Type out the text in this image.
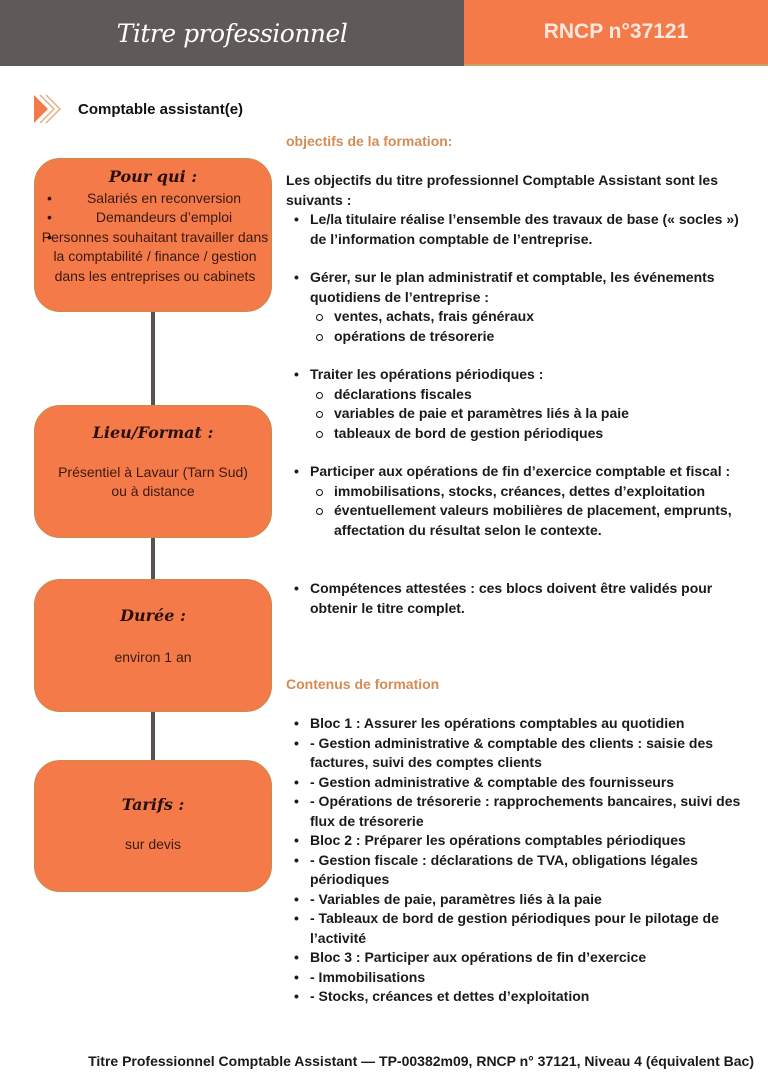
Titre professionnel	RNCP n°37121
Comptable assistant(e)
Pour qui :
• Salariés en reconversion
• Demandeurs d’emploi
• Personnes souhaitant travailler dans la comptabilité / finance / gestion dans les entreprises ou cabinets
Lieu/Format :
Présentiel à Lavaur (Tarn Sud) ou à distance
Durée :
environ 1 an
Tarifs :
sur devis
objectifs de la formation:
Les objectifs du titre professionnel Comptable Assistant sont les suivants :
• Le/la titulaire réalise l’ensemble des travaux de base (« socles ») de l’information comptable de l’entreprise.
• Gérer, sur le plan administratif et comptable, les événements quotidiens de l’entreprise :
ventes, achats, frais généraux
opérations de trésorerie
• Traiter les opérations périodiques :
déclarations fiscales
variables de paie et paramètres liés à la paie
tableaux de bord de gestion périodiques
• Participer aux opérations de fin d’exercice comptable et fiscal :
immobilisations, stocks, créances, dettes d’exploitation
éventuellement valeurs mobilières de placement, emprunts, affectation du résultat selon le contexte.
• Compétences attestées : ces blocs doivent être validés pour obtenir le titre complet.
Contenus de formation
• Bloc 1 : Assurer les opérations comptables au quotidien
• - Gestion administrative & comptable des clients : saisie des factures, suivi des comptes clients
• - Gestion administrative & comptable des fournisseurs
• - Opérations de trésorerie : rapprochements bancaires, suivi des flux de trésorerie
• Bloc 2 : Préparer les opérations comptables périodiques
• - Gestion fiscale : déclarations de TVA, obligations légales périodiques
• - Variables de paie, paramètres liés à la paie
• - Tableaux de bord de gestion périodiques pour le pilotage de l’activité
• Bloc 3 : Participer aux opérations de fin d’exercice
• - Immobilisations
• - Stocks, créances et dettes d’exploitation
Titre Professionnel Comptable Assistant — TP-00382m09, RNCP n° 37121, Niveau 4 (équivalent Bac)
